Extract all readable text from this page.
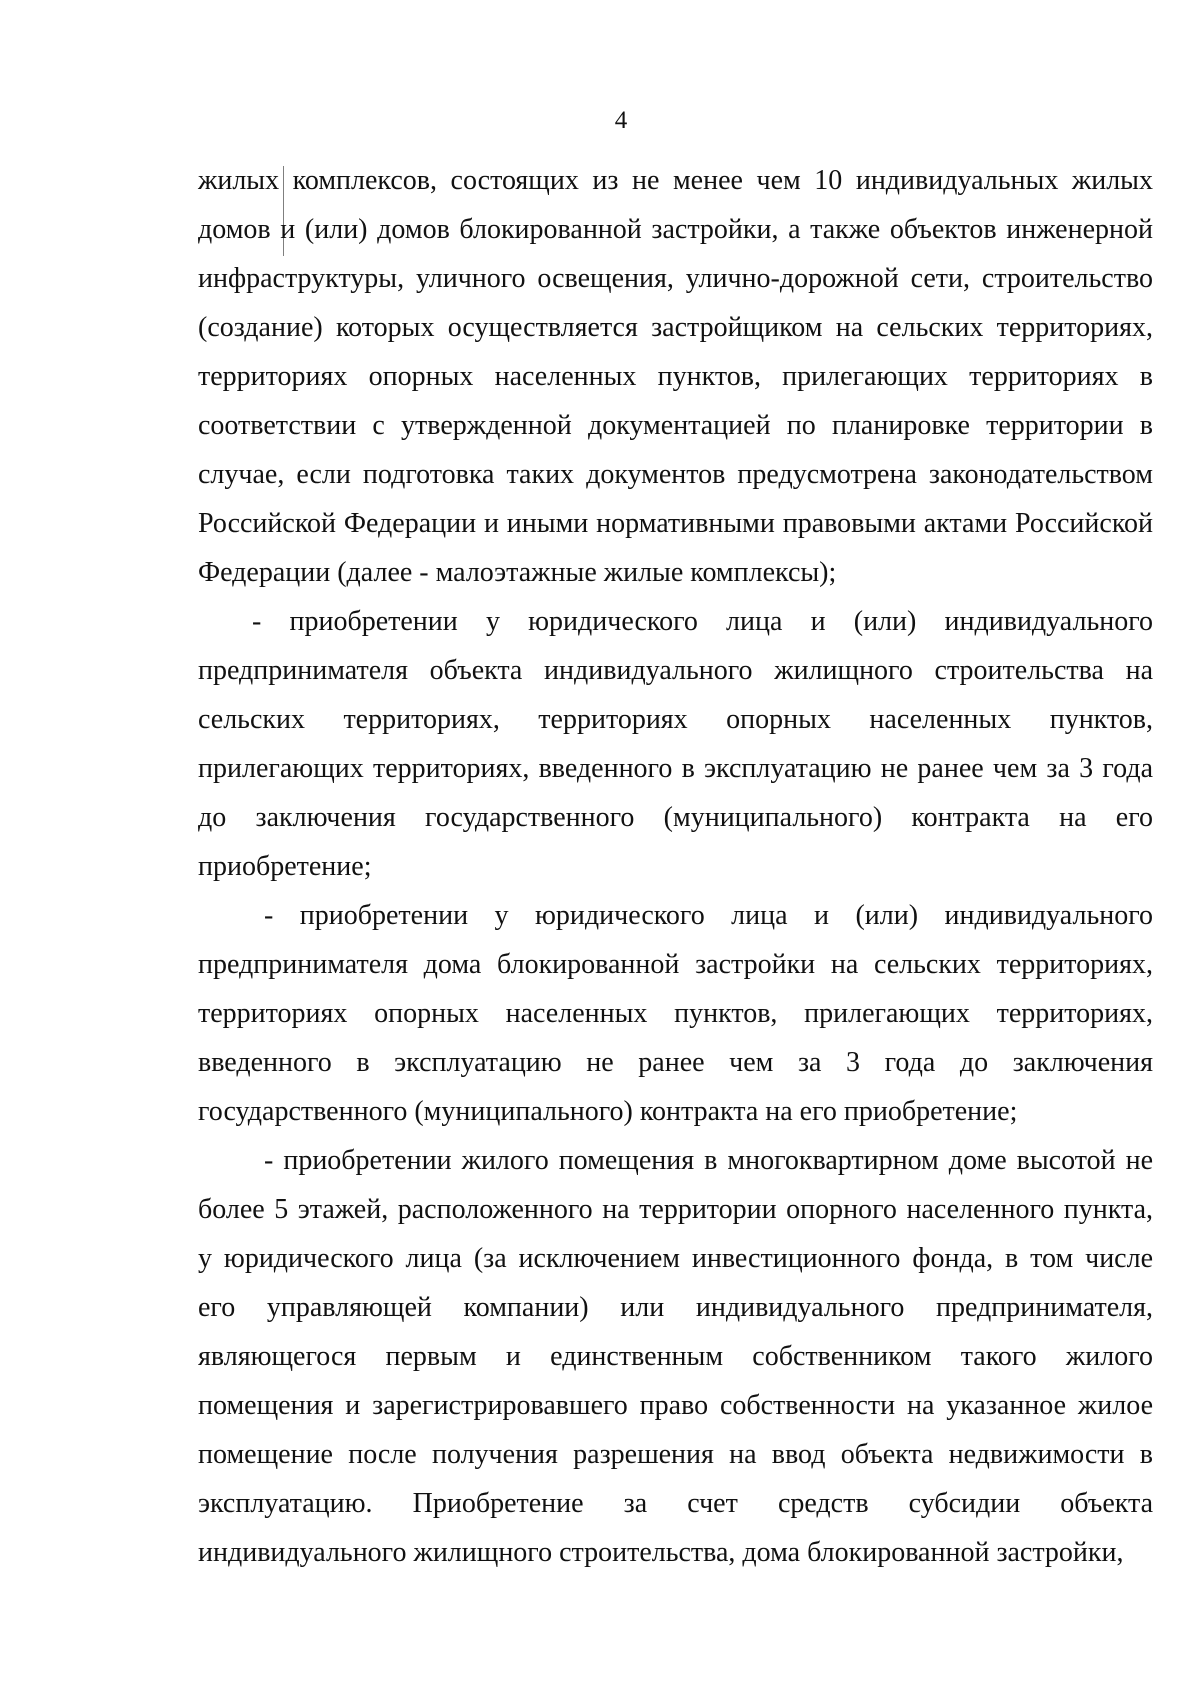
4

жилых комплексов, состоящих из не менее чем 10 индивидуальных жилых домов и (или) домов блокированной застройки, а также объектов инженерной инфраструктуры, уличного освещения, улично-дорожной сети, строительство (создание) которых осуществляется застройщиком на сельских территориях, территориях опорных населенных пунктов, прилегающих территориях в соответствии с утвержденной документацией по планировке территории в случае, если подготовка таких документов предусмотрена законодательством Российской Федерации и иными нормативными правовыми актами Российской Федерации (далее - малоэтажные жилые комплексы);

- приобретении у юридического лица и (или) индивидуального предпринимателя объекта индивидуального жилищного строительства на сельских территориях, территориях опорных населенных пунктов, прилегающих территориях, введенного в эксплуатацию не ранее чем за 3 года до заключения государственного (муниципального) контракта на его приобретение;

- приобретении у юридического лица и (или) индивидуального предпринимателя дома блокированной застройки на сельских территориях, территориях опорных населенных пунктов, прилегающих территориях, введенного в эксплуатацию не ранее чем за 3 года до заключения государственного (муниципального) контракта на его приобретение;

- приобретении жилого помещения в многоквартирном доме высотой не более 5 этажей, расположенного на территории опорного населенного пункта, у юридического лица (за исключением инвестиционного фонда, в том числе его управляющей компании) или индивидуального предпринимателя, являющегося первым и единственным собственником такого жилого помещения и зарегистрировавшего право собственности на указанное жилое помещение после получения разрешения на ввод объекта недвижимости в эксплуатацию. Приобретение за счет средств субсидии объекта индивидуального жилищного строительства, дома блокированной застройки,
